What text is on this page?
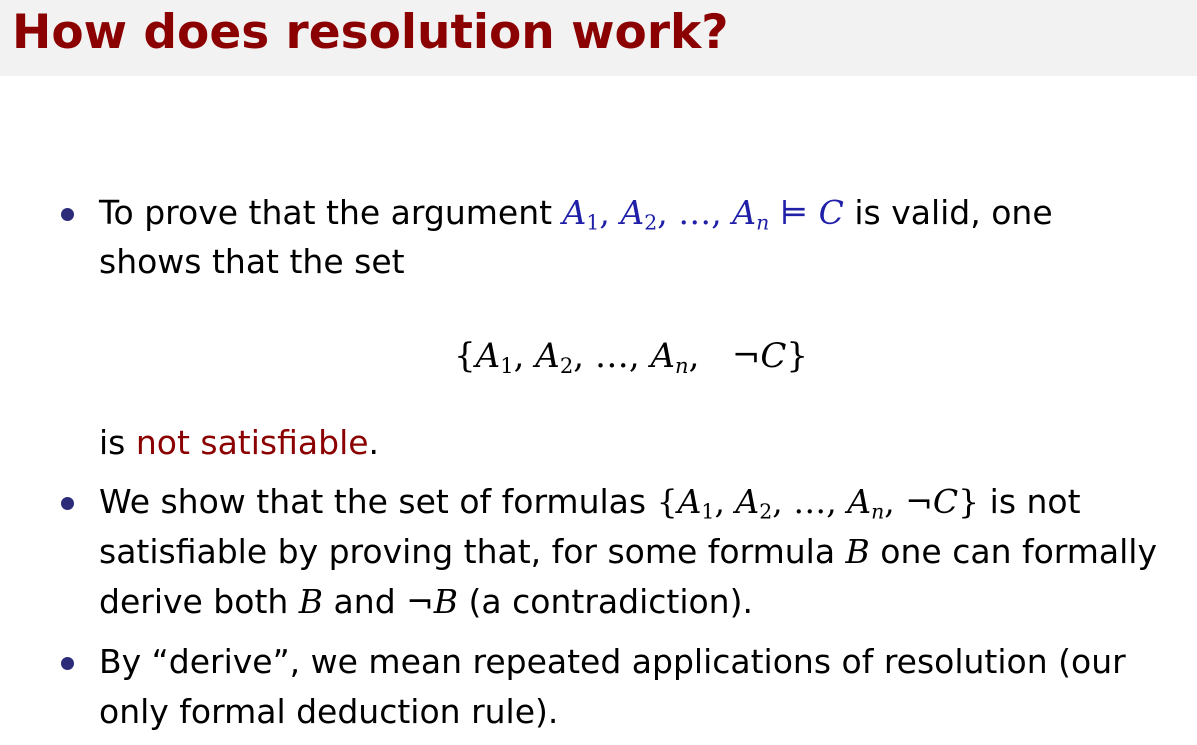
How does resolution work?
To prove that the argument $A_1$, $A_2$, …, $A_n$ ⊨ C is valid, one
shows that the set
{$A_1$, $A_2$, …, $A_n$,   ¬C}
is not satisfiable.
We show that the set of formulas {$A_1$, $A_2$, …, $A_n$, ¬C} is not
satisfiable by proving that, for some formula B one can formally
derive both B and ¬B (a contradiction).
By “derive”, we mean repeated applications of resolution (our
only formal deduction rule).
